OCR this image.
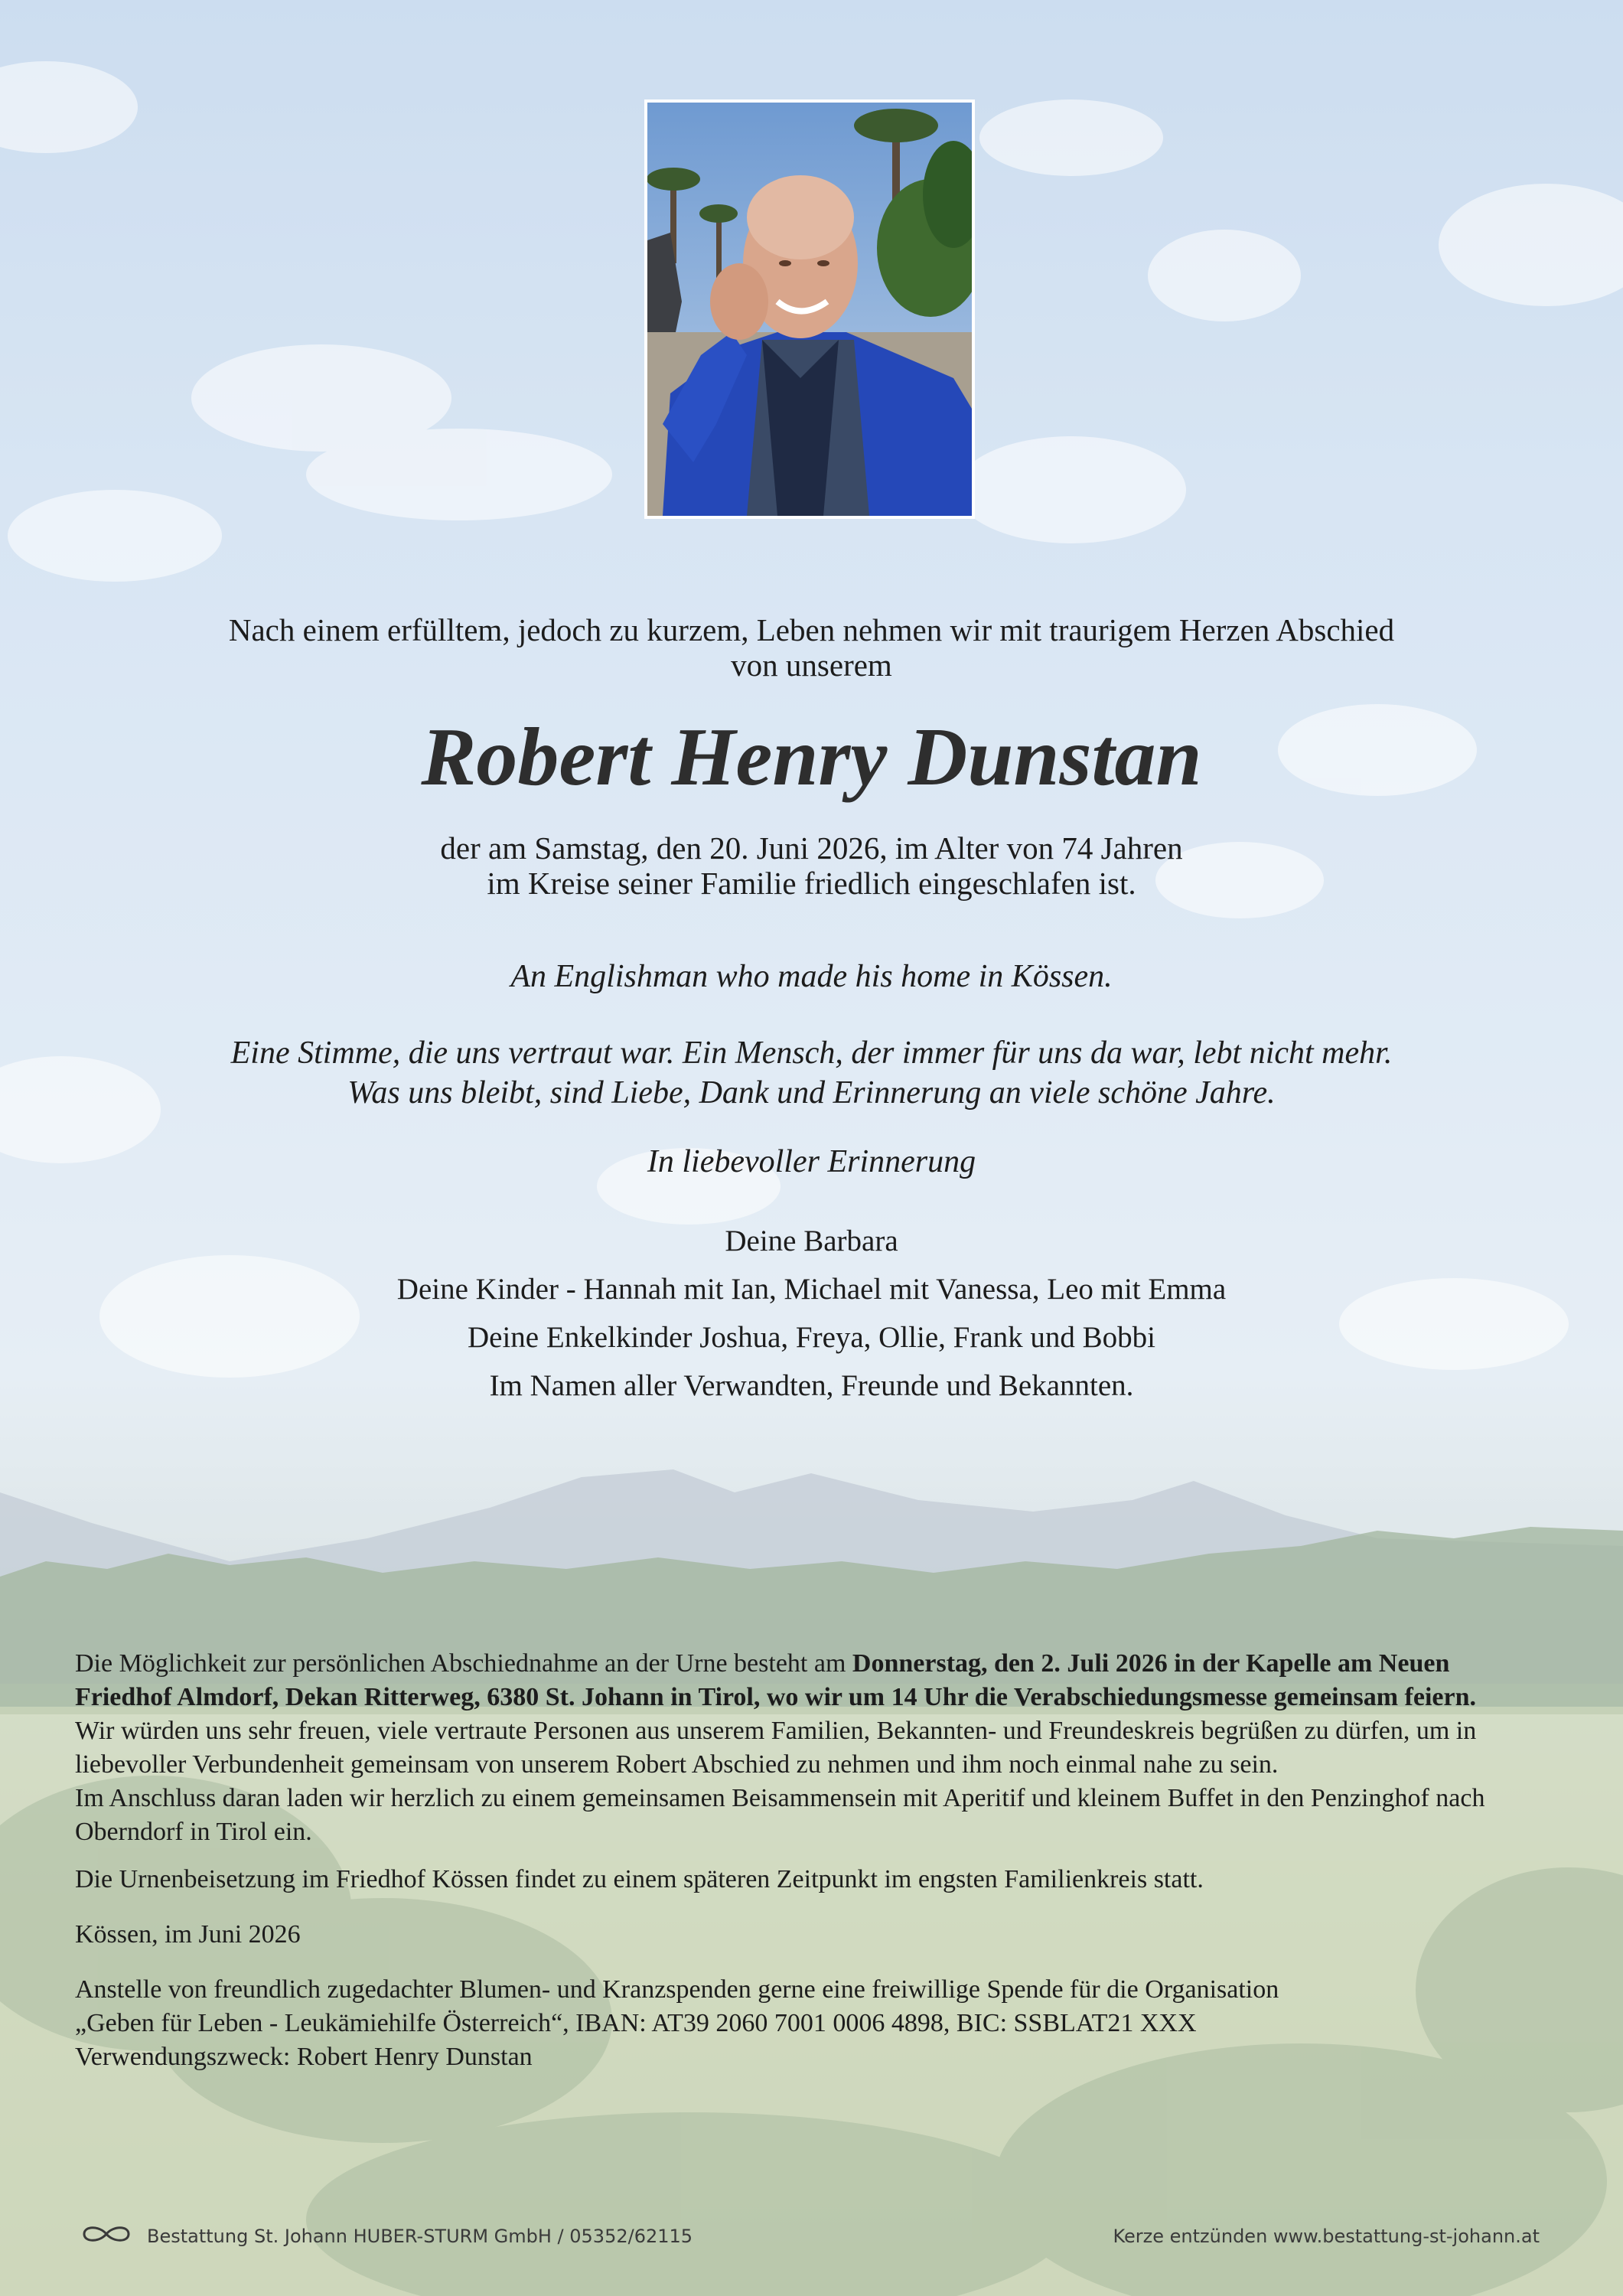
Nach einem erfülltem, jedoch zu kurzem, Leben nehmen wir mit traurigem Herzen Abschied
von unserem
Robert Henry Dunstan
der am Samstag, den 20. Juni 2026, im Alter von 74 Jahren
im Kreise seiner Familie friedlich eingeschlafen ist.
An Englishman who made his home in Kössen.
Eine Stimme, die uns vertraut war. Ein Mensch, der immer für uns da war, lebt nicht mehr.
Was uns bleibt, sind Liebe, Dank und Erinnerung an viele schöne Jahre.
In liebevoller Erinnerung
Deine Barbara
Deine Kinder - Hannah mit Ian, Michael mit Vanessa, Leo mit Emma
Deine Enkelkinder Joshua, Freya, Ollie, Frank und Bobbi
Im Namen aller Verwandten, Freunde und Bekannten.

Die Möglichkeit zur persönlichen Abschiednahme an der Urne besteht am Donnerstag, den 2. Juli 2026 in der Kapelle am Neuen Friedhof Almdorf, Dekan Ritterweg, 6380 St. Johann in Tirol, wo wir um 14 Uhr die Verabschiedungsmesse gemeinsam feiern.

Wir würden uns sehr freuen, viele vertraute Personen aus unserem Familien, Bekannten- und Freundeskreis begrüßen zu dürfen, um in liebevoller Verbundenheit gemeinsam von unserem Robert Abschied zu nehmen und ihm noch einmal nahe zu sein.

Im Anschluss daran laden wir herzlich zu einem gemeinsamen Beisammensein mit Aperitif und kleinem Buffet in den Penzinghof nach Oberndorf in Tirol ein.

Die Urnenbeisetzung im Friedhof Kössen findet zu einem späteren Zeitpunkt im engsten Familienkreis statt.

Kössen, im Juni 2026

Anstelle von freundlich zugedachter Blumen- und Kranzspenden gerne eine freiwillige Spende für die Organisation

„Geben für Leben - Leukämiehilfe Österreich“, IBAN: AT39 2060 7001 0006 4898, BIC: SSBLAT21 XXX

Verwendungszweck: Robert Henry Dunstan

Bestattung St. Johann HUBER-STURM GmbH / 05352/62115	Kerze entzünden www.bestattung-st-johann.at
